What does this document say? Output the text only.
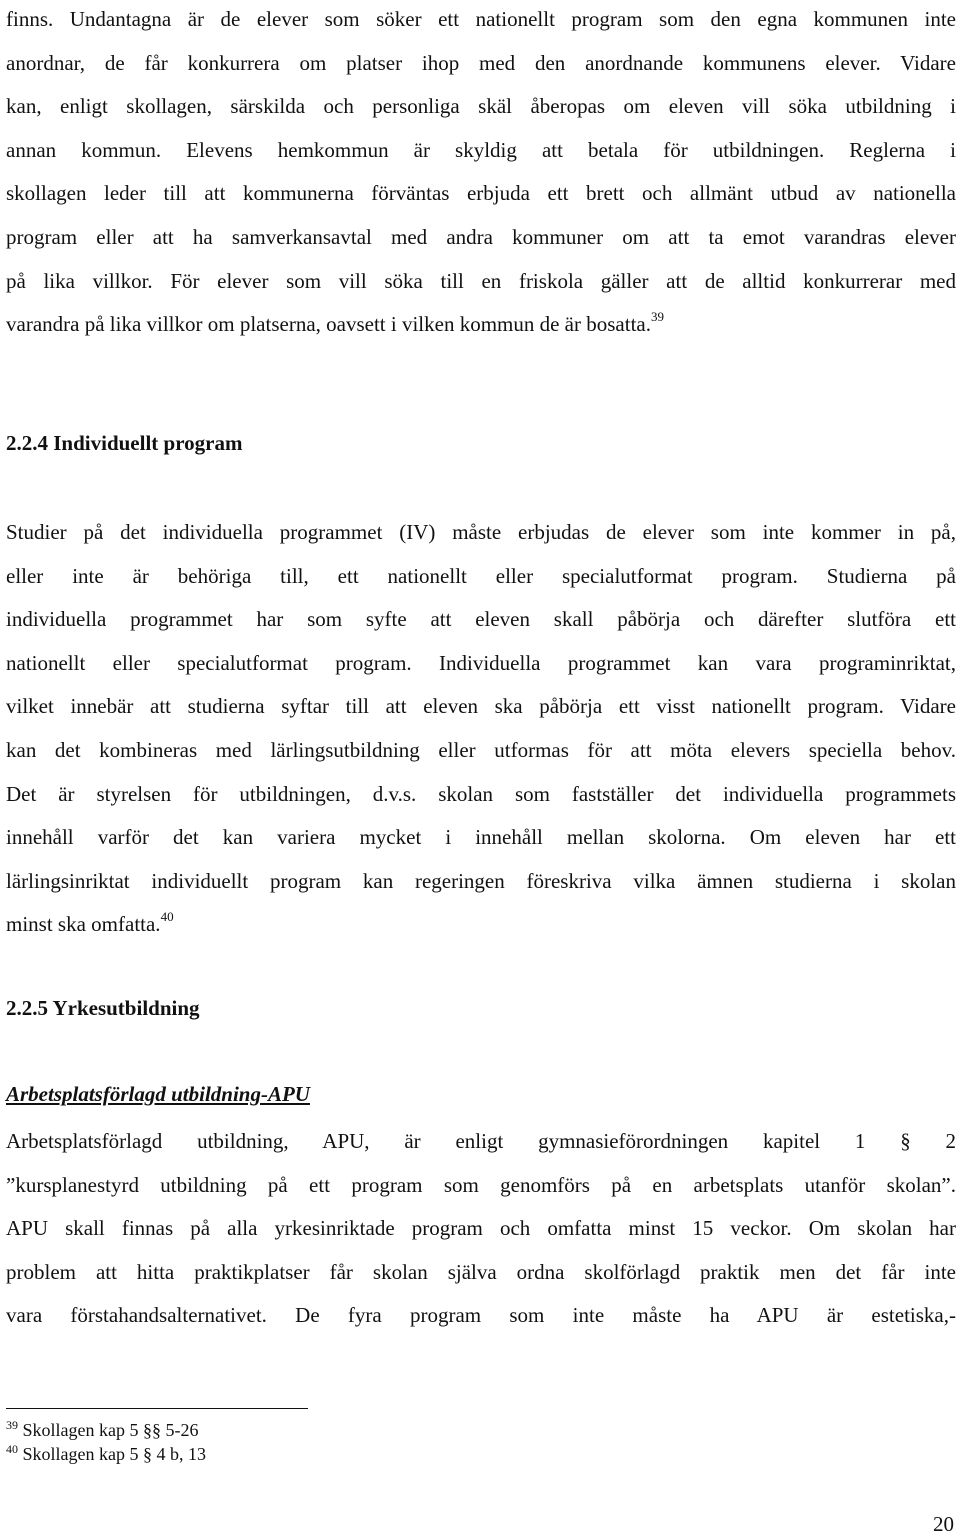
finns. Undantagna är de elever som söker ett nationellt program som den egna kommunen inte
anordnar, de får konkurrera om platser ihop med den anordnande kommunens elever. Vidare
kan, enligt skollagen, särskilda och personliga skäl åberopas om eleven vill söka utbildning i
annan kommun. Elevens hemkommun är skyldig att betala för utbildningen. Reglerna i
skollagen leder till att kommunerna förväntas erbjuda ett brett och allmänt utbud av nationella
program eller att ha samverkansavtal med andra kommuner om att ta emot varandras elever
på lika villkor. För elever som vill söka till en friskola gäller att de alltid konkurrerar med
varandra på lika villkor om platserna, oavsett i vilken kommun de är bosatta.$^{39}$
2.2.4 Individuellt program
Studier på det individuella programmet (IV) måste erbjudas de elever som inte kommer in på,
eller inte är behöriga till, ett nationellt eller specialutformat program. Studierna på
individuella programmet har som syfte att eleven skall påbörja och därefter slutföra ett
nationellt eller specialutformat program. Individuella programmet kan vara programinriktat,
vilket innebär att studierna syftar till att eleven ska påbörja ett visst nationellt program. Vidare
kan det kombineras med lärlingsutbildning eller utformas för att möta elevers speciella behov.
Det är styrelsen för utbildningen, d.v.s. skolan som fastställer det individuella programmets
innehåll varför det kan variera mycket i innehåll mellan skolorna. Om eleven har ett
lärlingsinriktat individuellt program kan regeringen föreskriva vilka ämnen studierna i skolan
minst ska omfatta.$^{40}$
2.2.5 Yrkesutbildning
Arbetsplatsförlagd utbildning-APU
Arbetsplatsförlagd utbildning, APU, är enligt gymnasieförordningen kapitel 1 § 2
”kursplanestyrd utbildning på ett program som genomförs på en arbetsplats utanför skolan”.
APU skall finnas på alla yrkesinriktade program och omfatta minst 15 veckor. Om skolan har
problem att hitta praktikplatser får skolan själva ordna skolförlagd praktik men det får inte
vara förstahandsalternativet. De fyra program som inte måste ha APU är estetiska,-

$^{39}$ Skollagen kap 5 §§ 5-26

$^{40}$ Skollagen kap 5 § 4 b, 13

20
